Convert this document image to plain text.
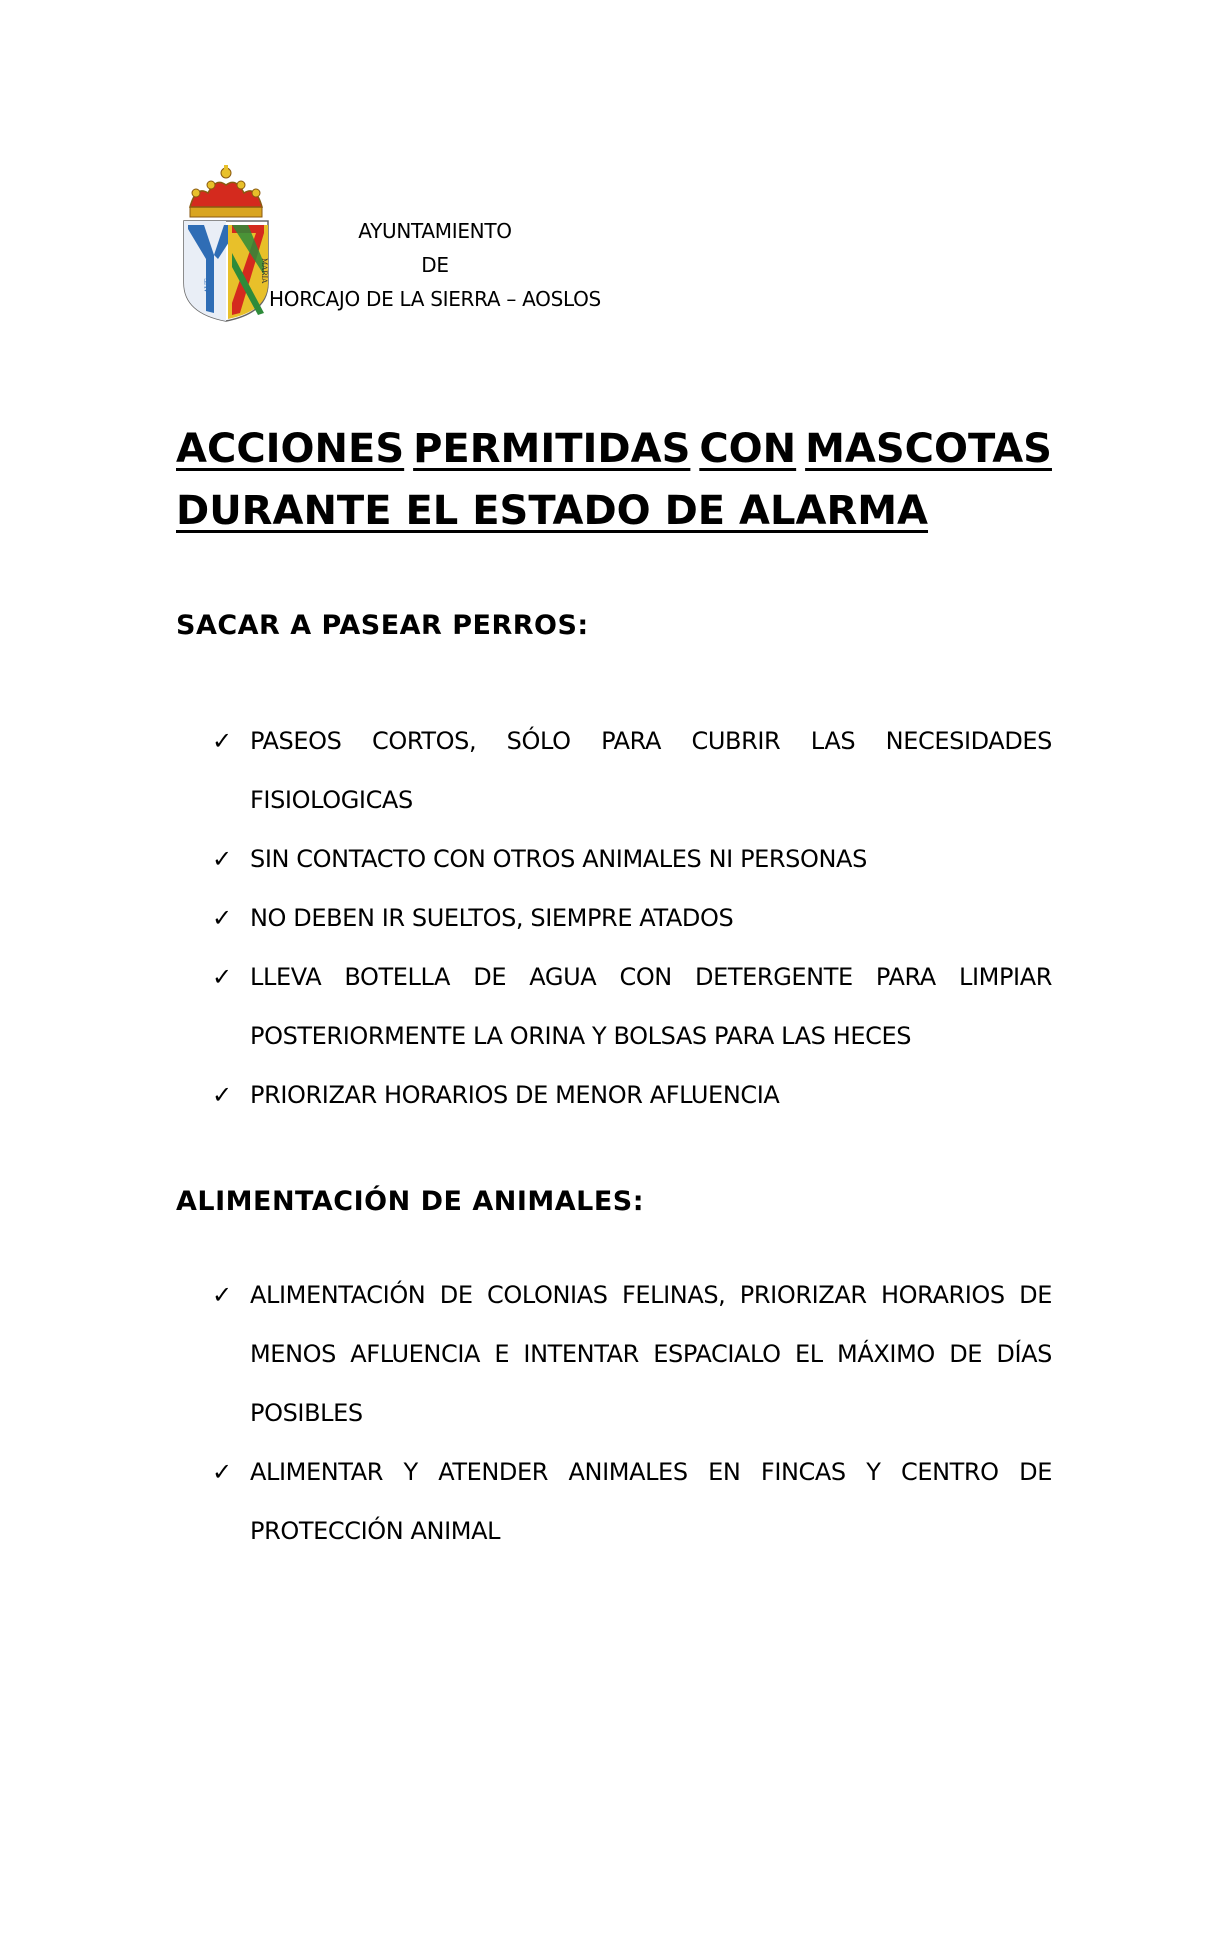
AVE
MARIA
AYUNTAMIENTO
DE
HORCAJO DE LA SIERRA – AOSLOS
ACCIONES PERMITIDAS CON MASCOTAS
DURANTE EL ESTADO DE ALARMA
SACAR A PASEAR PERROS:
✓ PASEOS CORTOS, SÓLO PARA CUBRIR LAS NECESIDADES FISIOLOGICAS
✓ SIN CONTACTO CON OTROS ANIMALES NI PERSONAS
✓ NO DEBEN IR SUELTOS, SIEMPRE ATADOS
✓ LLEVA BOTELLA DE AGUA CON DETERGENTE PARA LIMPIAR POSTERIORMENTE LA ORINA Y BOLSAS PARA LAS HECES
✓ PRIORIZAR HORARIOS DE MENOR AFLUENCIA
ALIMENTACIÓN DE ANIMALES:
✓ ALIMENTACIÓN DE COLONIAS FELINAS, PRIORIZAR HORARIOS DE MENOS AFLUENCIA E INTENTAR ESPACIALO EL MÁXIMO DE DÍAS POSIBLES
✓ ALIMENTAR Y ATENDER ANIMALES EN FINCAS Y CENTRO DE PROTECCIÓN ANIMAL
